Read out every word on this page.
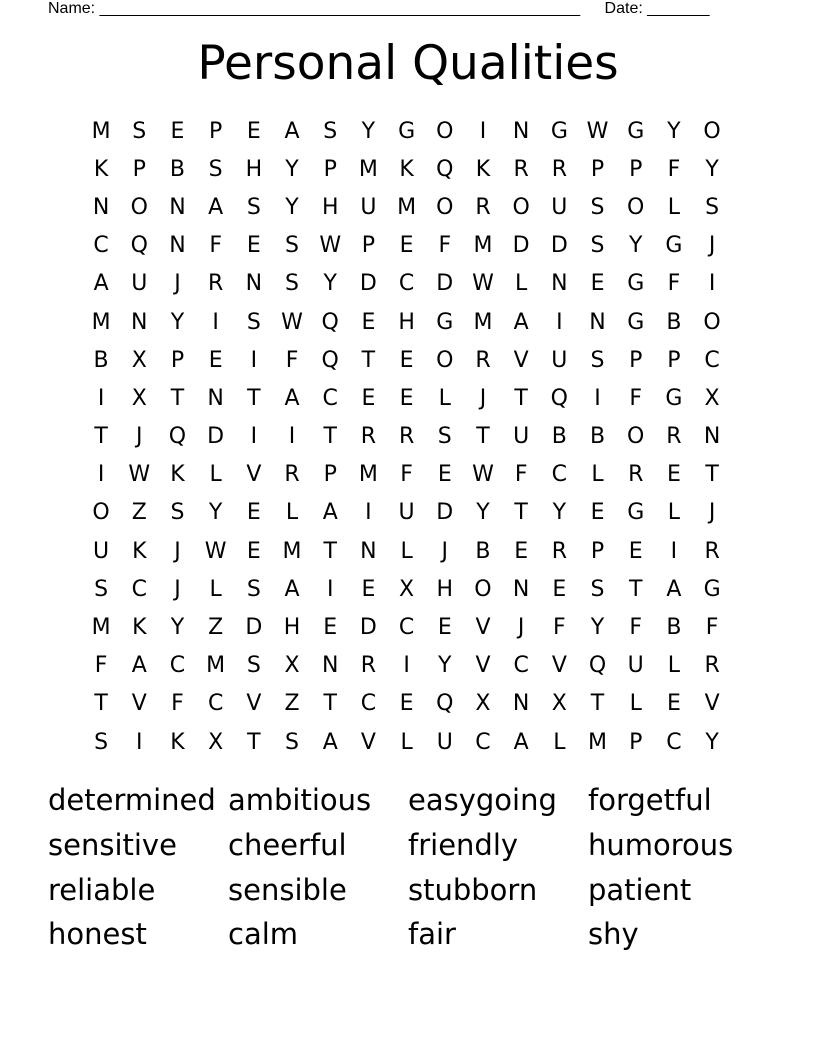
Name: ______________________________________________________ Date: _______
Personal Qualities
M S	E	P	E	A	S	Y	G O	I	N G W G	Y	O
K	P	B	S	H	Y	P	M K	Q	K	R	R	P	P	F	Y
N O N	A	S	Y	H U M O R O U	S	O	L	S
C Q N	F	E	S W P	E	F	M D D	S	Y	G	J
A	U	J	R	N	S	Y	D	C	D W L	N	E	G	F	I
M N	Y	I	S W Q	E	H G M A	I	N G	B O
B	X	P	E	I	F	Q	T	E	O R	V	U	S	P	P	C
I	X	T	N	T	A	C	E	E	L	J	T	Q	I	F	G	X
T	J	Q D	I	I	T	R	R	S	T	U	B	B O R	N
I	W K	L	V	R	P	M	F	E W F	C	L	R	E	T
O Z	S	Y	E	L	A	I	U D	Y	T	Y	E	G	L	J
U	K	J	W E M T	N	L	J	B	E	R	P	E	I	R
S	C	J	L	S	A	I	E	X	H O N	E	S	T	A	G
M K	Y	Z	D H	E	D	C	E	V	J	F	Y	F	B	F
F	A	C M S	X	N	R	I	Y	V	C	V Q U	L	R
T	V	F	C	V	Z	T	C	E	Q X	N	X	T	L	E	V
S	I	K	X	T	S	A	V	L	U	C	A	L	M	P	C	Y
determined ambitious	easygoing	forgetful
sensitive	cheerful	friendly	humorous
reliable	sensible	stubborn	patient
honest	calm	fair	shy
